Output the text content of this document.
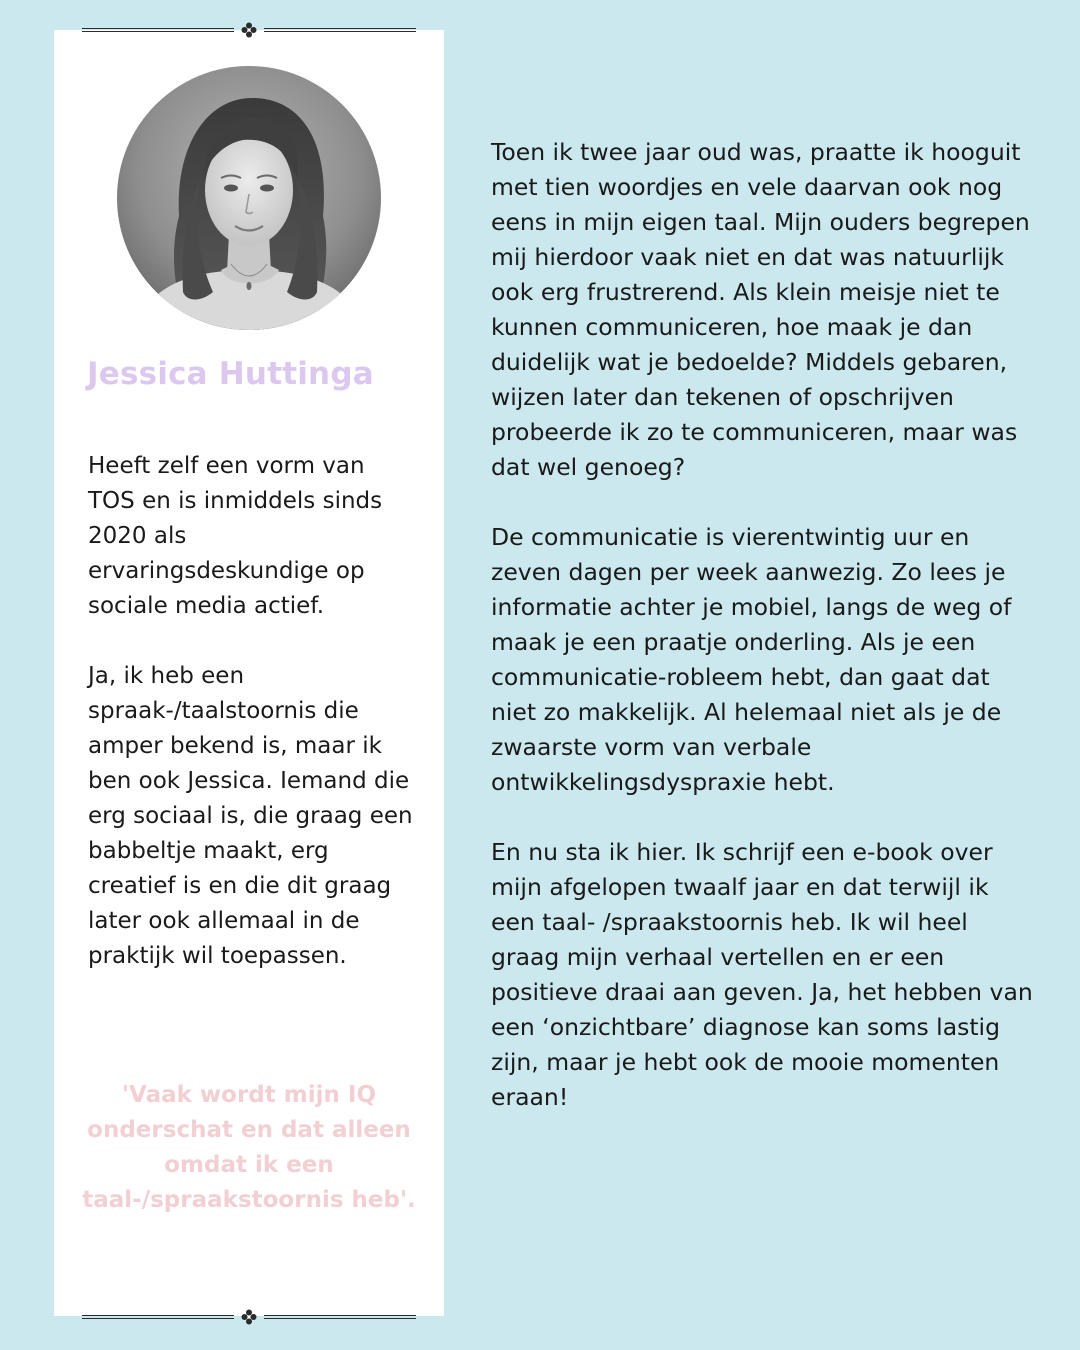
Jessica Huttinga

Heeft zelf een vorm van TOS en is inmiddels sinds 2020 als ervaringsdeskundige op sociale media actief.

Ja, ik heb een spraak-/taalstoornis die amper bekend is, maar ik ben ook Jessica. Iemand die erg sociaal is, die graag een babbeltje maakt, erg creatief is en die dit graag later ook allemaal in de praktijk wil toepassen.

'Vaak wordt mijn IQ onderschat en dat alleen omdat ik een taal-/spraakstoornis heb'.

Toen ik twee jaar oud was, praatte ik hooguit met tien woordjes en vele daarvan ook nog eens in mijn eigen taal. Mijn ouders begrepen mij hierdoor vaak niet en dat was natuurlijk ook erg frustrerend. Als klein meisje niet te kunnen communiceren, hoe maak je dan duidelijk wat je bedoelde? Middels gebaren, wijzen later dan tekenen of opschrijven probeerde ik zo te communiceren, maar was dat wel genoeg?

De communicatie is vierentwintig uur en zeven dagen per week aanwezig. Zo lees je informatie achter je mobiel, langs de weg of maak je een praatje onderling. Als je een communicatie-robleem hebt, dan gaat dat niet zo makkelijk. Al helemaal niet als je de zwaarste vorm van verbale ontwikkelingsdyspraxie hebt.

En nu sta ik hier. Ik schrijf een e-book over mijn afgelopen twaalf jaar en dat terwijl ik een taal- /spraakstoornis heb. Ik wil heel graag mijn verhaal vertellen en er een positieve draai aan geven. Ja, het hebben van een ‘onzichtbare’ diagnose kan soms lastig zijn, maar je hebt ook de mooie momenten eraan!
